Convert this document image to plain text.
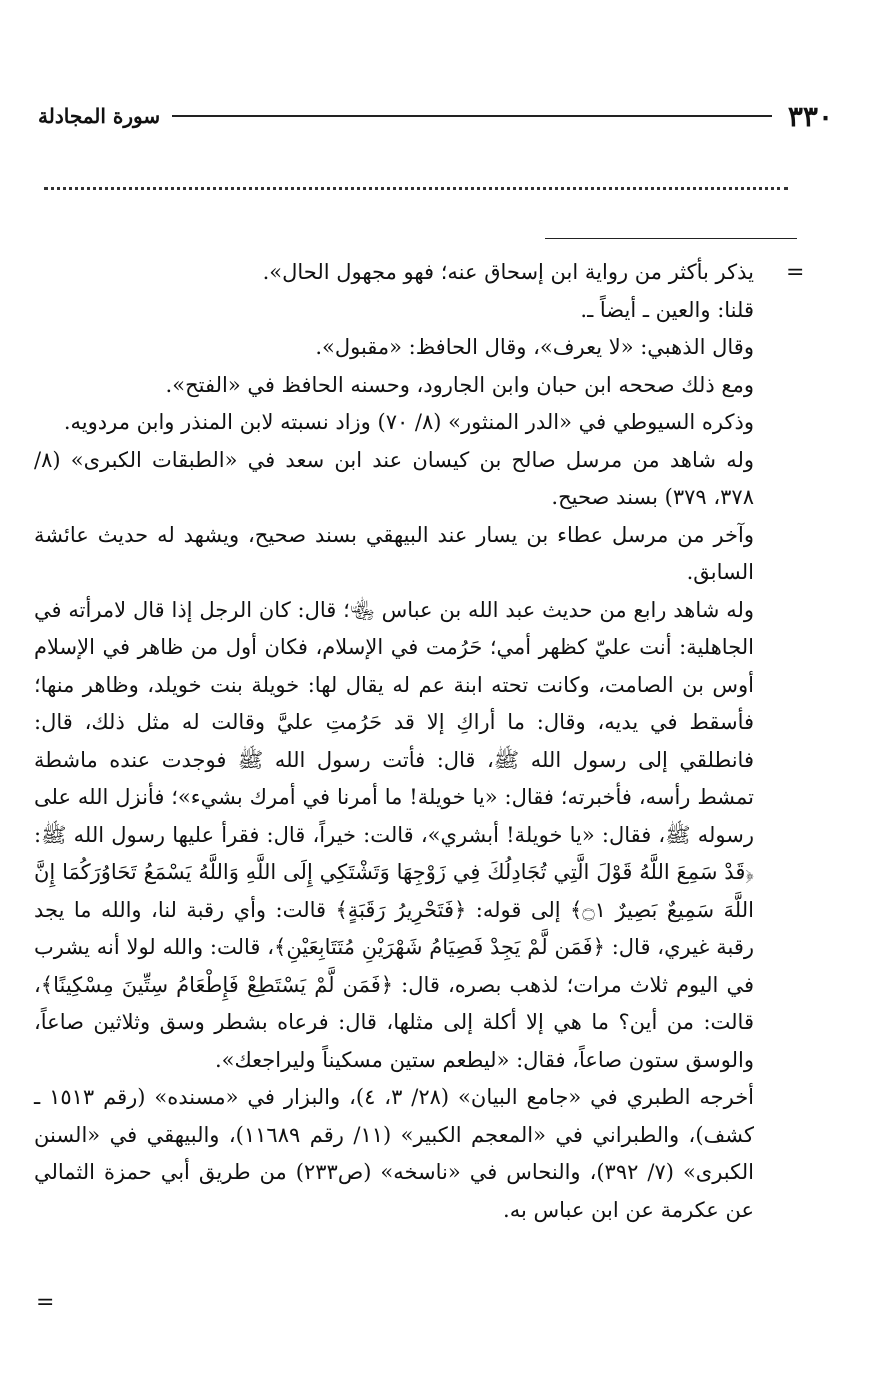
٣٣٠
سورة المجادلة
=
=

يذكر بأكثر من رواية ابن إسحاق عنه؛ فهو مجهول الحال».

قلنا: والعين ـ أيضاً ـ.

وقال الذهبي: «لا يعرف»، وقال الحافظ: «مقبول».

ومع ذلك صححه ابن حبان وابن الجارود، وحسنه الحافظ في «الفتح».

وذكره السيوطي في «الدر المنثور» (٨/ ٧٠) وزاد نسبته لابن المنذر وابن مردويه.

وله شاهد من مرسل صالح بن كيسان عند ابن سعد في «الطبقات الكبرى» (٨/ ٣٧٨، ٣٧٩) بسند صحيح.

وآخر من مرسل عطاء بن يسار عند البيهقي بسند صحيح، ويشهد له حديث عائشة السابق.

وله شاهد رابع من حديث عبد الله بن عباس ﵄؛ قال: كان الرجل إذا قال لامرأته في الجاهلية: أنت عليّ كظهر أمي؛ حَرُمت في الإسلام، فكان أول من ظاهر في الإسلام أوس بن الصامت، وكانت تحته ابنة عم له يقال لها: خويلة بنت خويلد، وظاهر منها؛ فأسقط في يديه، وقال: ما أراكِ إلا قد حَرُمتِ عليَّ وقالت له مثل ذلك، قال: فانطلقي إلى رسول الله ﷺ، قال: فأتت رسول الله ﷺ فوجدت عنده ماشطة تمشط رأسه، فأخبرته؛ فقال: «يا خويلة! ما أمرنا في أمرك بشيء»؛ فأنزل الله على رسوله ﷺ، فقال: «يا خويلة! أبشري»، قالت: خيراً، قال: فقرأ عليها رسول الله ﷺ: ﴿قَدْ سَمِعَ اللَّهُ قَوْلَ الَّتِي تُجَادِلُكَ فِي زَوْجِهَا وَتَشْتَكِي إِلَى اللَّهِ وَاللَّهُ يَسْمَعُ تَحَاوُرَكُمَا إِنَّ اللَّهَ سَمِيعٌ بَصِيرٌ ۝١﴾ إلى قوله: ﴿فَتَحْرِيرُ رَقَبَةٍ﴾ قالت: وأي رقبة لنا، والله ما يجد رقبة غيري، قال: ﴿فَمَن لَّمْ يَجِدْ فَصِيَامُ شَهْرَيْنِ مُتَتَابِعَيْنِ﴾، قالت: والله لولا أنه يشرب في اليوم ثلاث مرات؛ لذهب بصره، قال: ﴿فَمَن لَّمْ يَسْتَطِعْ فَإِطْعَامُ سِتِّينَ مِسْكِينًا﴾، قالت: من أين؟ ما هي إلا أكلة إلى مثلها، قال: فرعاه بشطر وسق وثلاثين صاعاً، والوسق ستون صاعاً، فقال: «ليطعم ستين مسكيناً وليراجعك».

أخرجه الطبري في «جامع البيان» (٢٨/ ٣، ٤)، والبزار في «مسنده» (رقم ١٥١٣ ـ كشف)، والطبراني في «المعجم الكبير» (١١/ رقم ١١٦٨٩)، والبيهقي في «السنن الكبرى» (٧/ ٣٩٢)، والنحاس في «ناسخه» (ص٢٣٣) من طريق أبي حمزة الثمالي عن عكرمة عن ابن عباس به.
